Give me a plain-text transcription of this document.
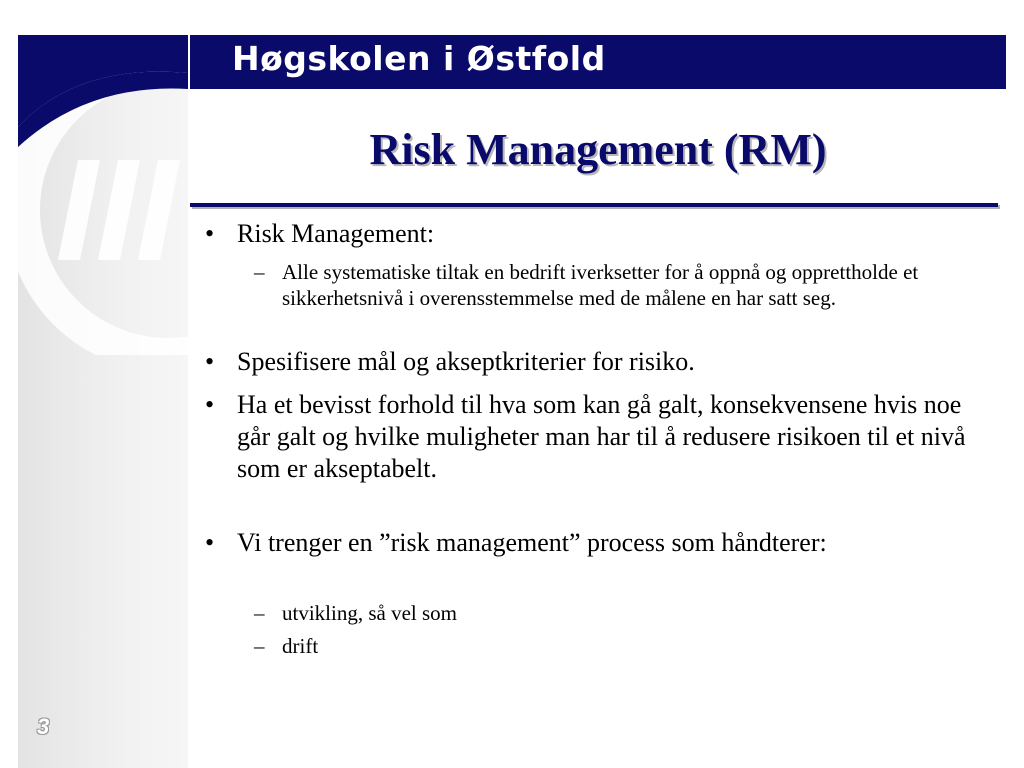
Høgskolen i Østfold
Risk Management (RM)
• Risk Management:
– Alle systematiske tiltak en bedrift iverksetter for å oppnå og opprettholde et sikkerhetsnivå i overensstemmelse med de målene en har satt seg.
• Spesifisere mål og akseptkriterier for risiko.
• Ha et bevisst forhold til hva som kan gå galt, konsekvensene hvis noe går galt og hvilke muligheter man har til å redusere risikoen til et nivå som er akseptabelt.
• Vi trenger en ”risk management” process som håndterer:
– utvikling, så vel som
– drift
3
